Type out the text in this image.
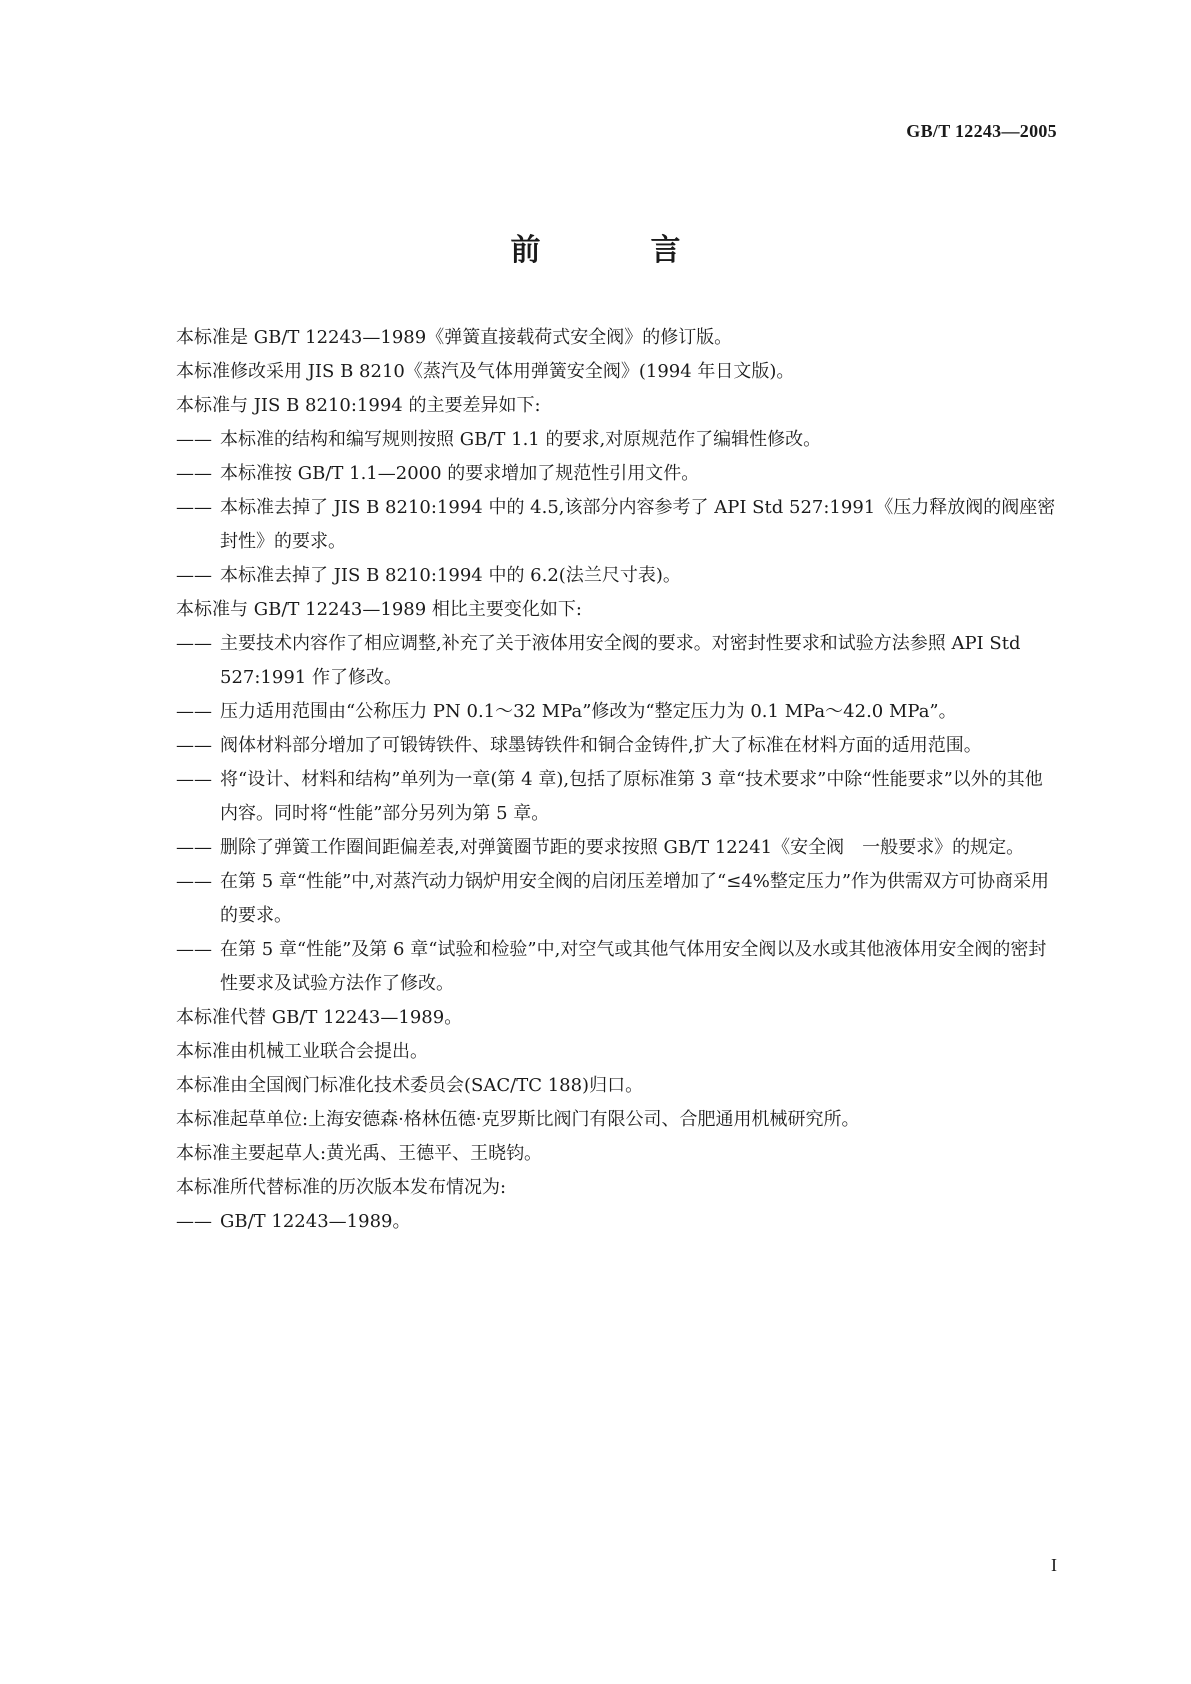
GB/T 12243—2005
前　言
本标准是 GB/T 12243—1989《弹簧直接载荷式安全阀》的修订版。
本标准修改采用 JIS B 8210《蒸汽及气体用弹簧安全阀》(1994 年日文版)。
本标准与 JIS B 8210:1994 的主要差异如下:
—— 本标准的结构和编写规则按照 GB/T 1.1 的要求,对原规范作了编辑性修改。
—— 本标准按 GB/T 1.1—2000 的要求增加了规范性引用文件。
—— 本标准去掉了 JIS B 8210:1994 中的 4.5,该部分内容参考了 API Std 527:1991《压力释放阀的阀座密封性》的要求。
—— 本标准去掉了 JIS B 8210:1994 中的 6.2(法兰尺寸表)。
本标准与 GB/T 12243—1989 相比主要变化如下:
—— 主要技术内容作了相应调整,补充了关于液体用安全阀的要求。对密封性要求和试验方法参照 API Std 527:1991 作了修改。
—— 压力适用范围由“公称压力 PN 0.1～32 MPa”修改为“整定压力为 0.1 MPa～42.0 MPa”。
—— 阀体材料部分增加了可锻铸铁件、球墨铸铁件和铜合金铸件,扩大了标准在材料方面的适用范围。
—— 将“设计、材料和结构”单列为一章(第 4 章),包括了原标准第 3 章“技术要求”中除“性能要求”以外的其他内容。同时将“性能”部分另列为第 5 章。
—— 删除了弹簧工作圈间距偏差表,对弹簧圈节距的要求按照 GB/T 12241《安全阀　一般要求》的规定。
—— 在第 5 章“性能”中,对蒸汽动力锅炉用安全阀的启闭压差增加了“≤4%整定压力”作为供需双方可协商采用的要求。
—— 在第 5 章“性能”及第 6 章“试验和检验”中,对空气或其他气体用安全阀以及水或其他液体用安全阀的密封性要求及试验方法作了修改。
本标准代替 GB/T 12243—1989。
本标准由机械工业联合会提出。
本标准由全国阀门标准化技术委员会(SAC/TC 188)归口。
本标准起草单位:上海安德森·格林伍德·克罗斯比阀门有限公司、合肥通用机械研究所。
本标准主要起草人:黄光禹、王德平、王晓钧。
本标准所代替标准的历次版本发布情况为:
—— GB/T 12243—1989。
I
